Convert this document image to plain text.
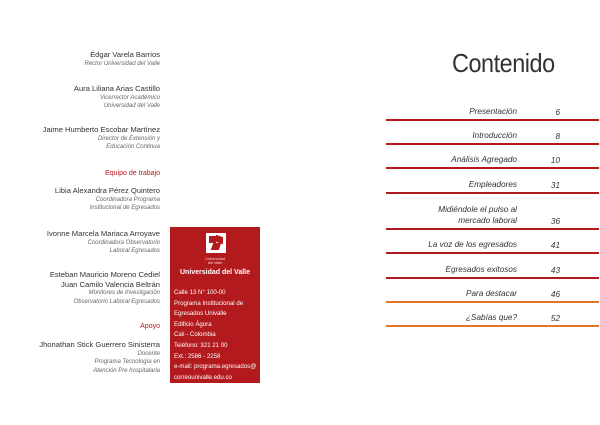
Édgar Varela Barrios
Rector Universidad del Valle
Aura Liliana Arias Castillo
Vicerrector Académico
Universidad del Valle
Jaime Humberto Escobar Martínez
Director de Extensión y
Educación Continua
Equipo de trabajo
Libia Alexandra Pérez Quintero
Coordinadora Programa
Institucional de Egresados
Ivonne Marcela Mariaca Arroyave
Coordinadora Observatorio
Laboral Egresados
Esteban Mauricio Moreno Cediel
Juan Camilo Valencia Beltrán
Monitores de Investigación
Observatorio Laboral Egresados
Apoyo
Jhonathan Stick Guerrero Sinisterra
Docente
Programa Tecnología en
Atención Pre hospitalaria
Universidad
del Valle
Universidad del Valle
Calle 13 N° 100-00
Programa Institucional de
Egresados Univalle
Edificio Ágora
Cali - Colombia
Teléfono: 321 21 00
Ext.: 2586 - 2258
e-mail: programa.egresados@
correounivalle.edu.co
Contenido
Presentación	6
Introducción	8
Análisis Agregado	10
Empleadores	31
Midiéndole el pulso al
mercado laboral	36
La voz de los egresados	41
Egresados exitosos	43
Para destacar	46
¿Sabías que?	52
